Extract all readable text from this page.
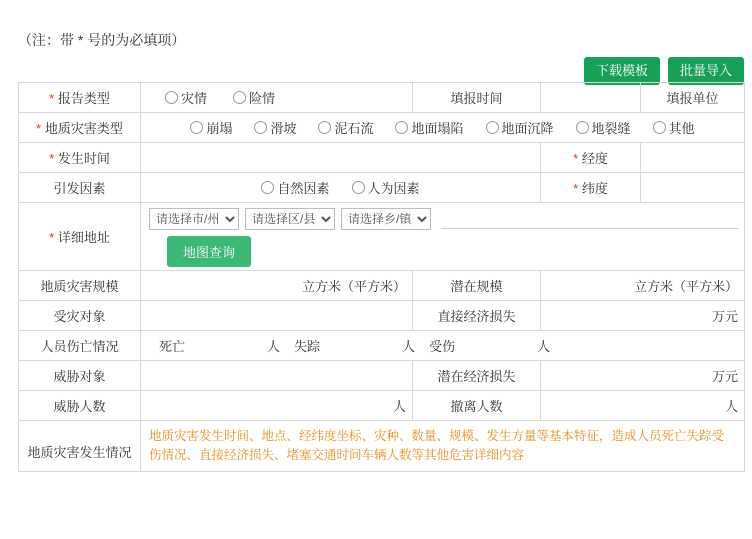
（注：带 * 号的为必填项）
下载模板	批量导入
* 报告类型	灾情 险情	填报时间		填报单位
* 地质灾害类型	崩塌	滑坡	泥石流	地面塌陷	地面沉降	地裂缝	其他

* 发生时间			* 经度	
引发因素	自然因素 人为因素		* 纬度	
* 详细地址	
请选择市/州
请选择区/县
请选择乡/镇
地图查询
地质灾害规模	立方米（平方米）	潜在规模	立方米（平方米）	
受灾对象		直接经济损失	万元	
人员伤亡情况	死亡	人 失踪	人 受伤	人

威胁对象		潜在经济损失	万元	
威胁人数	人	撤离人数	人	
地质灾害发生情况	地质灾害发生时间、地点、经纬度坐标、灾种、数量、规模、发生方量等基本特征，造成人员死亡失踪受伤情况、直接经济损失、堵塞交通时间车辆人数等其他危害详细内容			
